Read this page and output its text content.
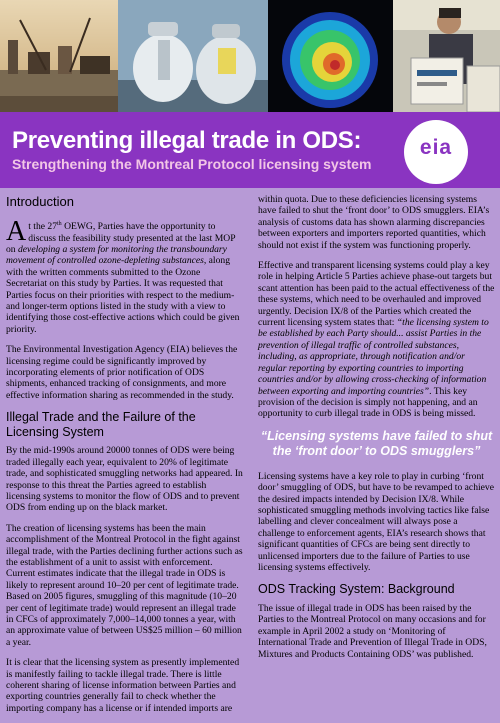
Preventing illegal trade in ODS:
Strengthening the Montreal Protocol licensing system
eia
environmental
investigation
agency
Introduction

At the 27th OEWG, Parties have the opportunity to discuss the feasibility study presented at the last MOP on developing a system for monitoring the transboundary movement of controlled ozone-depleting substances, along with the written comments submitted to the Ozone Secretariat on this study by Parties. It was requested that Parties focus on their priorities with respect to the medium- and longer-term options listed in the study with a view to identifying those cost-effective actions which could be given priority.

The Environmental Investigation Agency (EIA) believes the licensing regime could be significantly improved by incorporating elements of prior notification of ODS shipments, enhanced tracking of consignments, and more effective information sharing as recommended in the study.

Illegal Trade and the Failure of the Licensing System

By the mid-1990s around 20000 tonnes of ODS were being traded illegally each year, equivalent to 20% of legitimate trade, and sophisticated smuggling networks had appeared. In response to this threat the Parties agreed to establish licensing systems to monitor the flow of ODS and to prevent ODS from ending up on the black market.

The creation of licensing systems has been the main accomplishment of the Montreal Protocol in the fight against illegal trade, with the Parties declining further actions such as the establishment of a unit to assist with enforcement. Current estimates indicate that the illegal trade in ODS is likely to represent around 10–20 per cent of legitimate trade. Based on 2005 figures, smuggling of this magnitude (10–20 per cent of legitimate trade) would represent an illegal trade in CFCs of approximately 7,000–14,000 tonnes a year, with an approximate value of between US$25 million – 60 million a year.

It is clear that the licensing system as presently implemented is manifestly failing to tackle illegal trade. There is little coherent sharing of license information between Parties and exporting countries generally fail to check whether the importing company has a license or if intended imports are

within quota. Due to these deficiencies licensing systems have failed to shut the ‘front door’ to ODS smugglers. EIA’s analysis of customs data has shown alarming discrepancies between exporters and importers reported quantities, which should not exist if the system was functioning properly.

Effective and transparent licensing systems could play a key role in helping Article 5 Parties achieve phase-out targets but scant attention has been paid to the actual effectiveness of the these systems, which need to be overhauled and improved urgently. Decision IX/8 of the Parties which created the current licensing system states that: “the licensing system to be established by each Party should... assist Parties in the prevention of illegal traffic of controlled substances, including, as appropriate, through notification and/or regular reporting by exporting countries to importing countries and/or by allowing cross-checking of information between exporting and importing countries”. This key provision of the decision is simply not happening, and an opportunity to curb illegal trade in ODS is being missed.

“Licensing systems have failed to shut the ‘front door’ to ODS smugglers”

Licensing systems have a key role to play in curbing ‘front door’ smuggling of ODS, but have to be revamped to achieve the desired impacts intended by Decision IX/8. While sophisticated smuggling methods involving tactics like false labelling and clever concealment will always pose a challenge to enforcement agents, EIA’s research shows that significant quantities of CFCs are being sent directly to unlicensed importers due to the failure of Parties to use licensing systems effectively.

ODS Tracking System: Background

The issue of illegal trade in ODS has been raised by the Parties to the Montreal Protocol on many occasions and for example in April 2002 a study on ‘Monitoring of International Trade and Prevention of Illegal Trade in ODS, Mixtures and Products Containing ODS’ was published.
